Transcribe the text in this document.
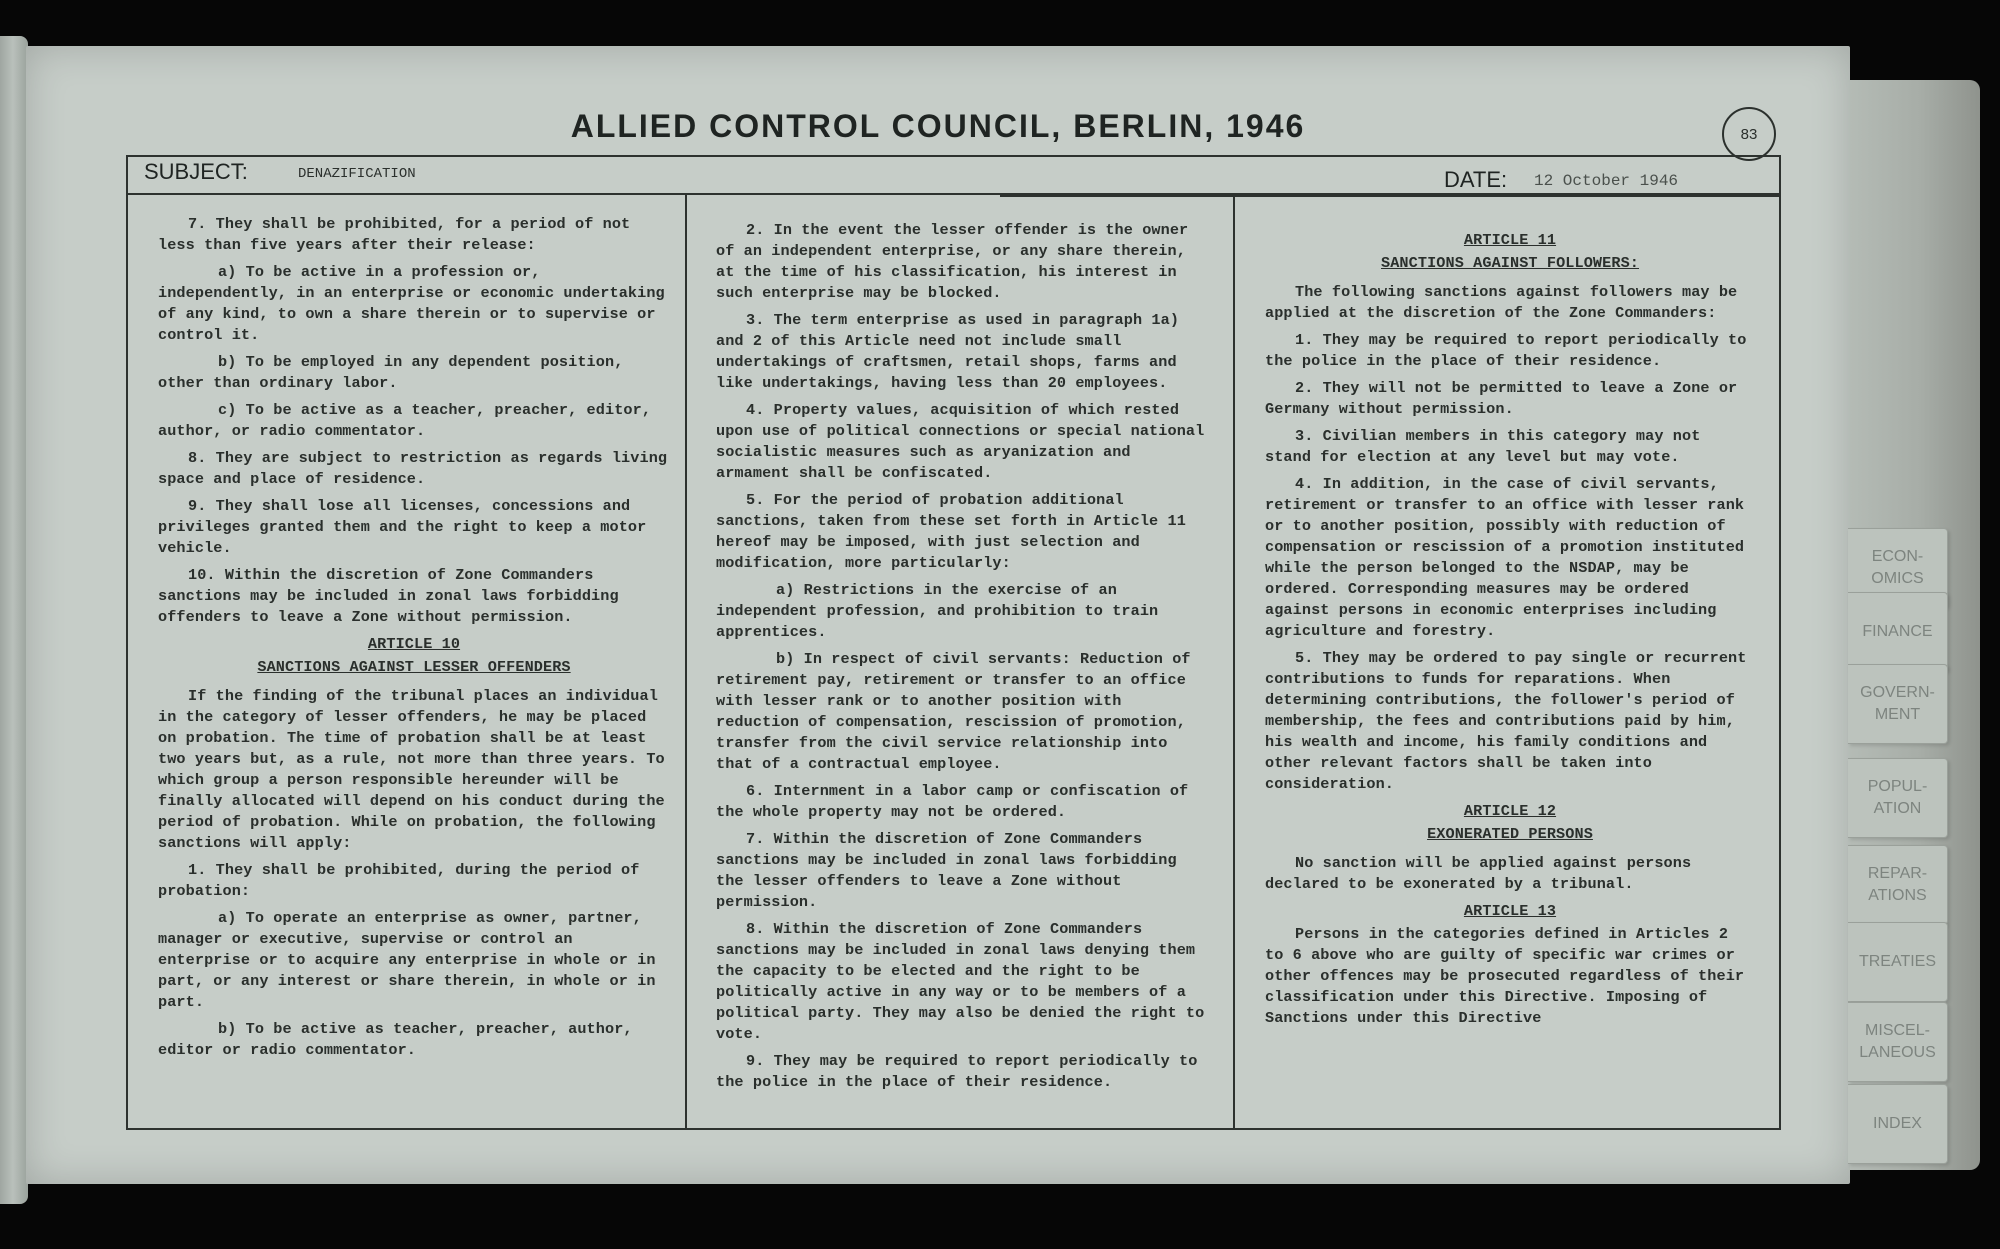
ECON-
OMICS
FINANCE
GOVERN-
MENT
POPUL-
ATION
REPAR-
ATIONS
TREATIES
MISCEL-
LANEOUS
INDEX
ALLIED CONTROL COUNCIL, BERLIN, 1946	83
SUBJECT:	DENAZIFICATION	DATE: 12 October 1946

7. They shall be prohibited, for a period of not less than five years after their release:

a) To be active in a profession or, independently, in an enterprise or economic undertaking of any kind, to own a share therein or to supervise or control it.

b) To be employed in any dependent position, other than ordinary labor.

c) To be active as a teacher, preacher, editor, author, or radio commentator.

8. They are subject to restriction as regards living space and place of residence.

9. They shall lose all licenses, concessions and privileges granted them and the right to keep a motor vehicle.

10. Within the discretion of Zone Commanders sanctions may be included in zonal laws forbidding offenders to leave a Zone without permission.

ARTICLE 10

SANCTIONS AGAINST LESSER OFFENDERS

If the finding of the tribunal places an individual in the category of lesser offenders, he may be placed on probation. The time of probation shall be at least two years but, as a rule, not more than three years. To which group a person responsible hereunder will be finally allocated will depend on his conduct during the period of probation. While on probation, the following sanctions will apply:

1. They shall be prohibited, during the period of probation:

a) To operate an enterprise as owner, partner, manager or executive, supervise or control an enterprise or to acquire any enterprise in whole or in part, or any interest or share therein, in whole or in part.

b) To be active as teacher, preacher, author, editor or radio commentator.

2. In the event the lesser offender is the owner of an independent enterprise, or any share therein, at the time of his classification, his interest in such enterprise may be blocked.

3. The term enterprise as used in paragraph 1a) and 2 of this Article need not include small undertakings of craftsmen, retail shops, farms and like undertakings, having less than 20 employees.

4. Property values, acquisition of which rested upon use of political connections or special national socialistic measures such as aryanization and armament shall be confiscated.

5. For the period of probation additional sanctions, taken from these set forth in Article 11 hereof may be imposed, with just selection and modification, more particularly:

a) Restrictions in the exercise of an independent profession, and prohibition to train apprentices.

b) In respect of civil servants: Reduction of retirement pay, retirement or transfer to an office with lesser rank or to another position with reduction of compensation, rescission of promotion, transfer from the civil service relationship into that of a contractual employee.

6. Internment in a labor camp or confiscation of the whole property may not be ordered.

7. Within the discretion of Zone Commanders sanctions may be included in zonal laws forbidding the lesser offenders to leave a Zone without permission.

8. Within the discretion of Zone Commanders sanctions may be included in zonal laws denying them the capacity to be elected and the right to be politically active in any way or to be members of a political party. They may also be denied the right to vote.

9. They may be required to report periodically to the police in the place of their residence.

ARTICLE 11

SANCTIONS AGAINST FOLLOWERS:

The following sanctions against followers may be applied at the discretion of the Zone Commanders:

1. They may be required to report periodically to the police in the place of their residence.

2. They will not be permitted to leave a Zone or Germany without permission.

3. Civilian members in this category may not stand for election at any level but may vote.

4. In addition, in the case of civil servants, retirement or transfer to an office with lesser rank or to another position, possibly with reduction of compensation or rescission of a promotion instituted while the person belonged to the NSDAP, may be ordered. Corresponding measures may be ordered against persons in economic enterprises including agriculture and forestry.

5. They may be ordered to pay single or recurrent contributions to funds for reparations. When determining contributions, the follower's period of membership, the fees and contributions paid by him, his wealth and income, his family conditions and other relevant factors shall be taken into consideration.

ARTICLE 12

EXONERATED PERSONS

No sanction will be applied against persons declared to be exonerated by a tribunal.

ARTICLE 13

Persons in the categories defined in Articles 2 to 6 above who are guilty of specific war crimes or other offences may be prosecuted regardless of their classification under this Directive. Imposing of Sanctions under this Directive
